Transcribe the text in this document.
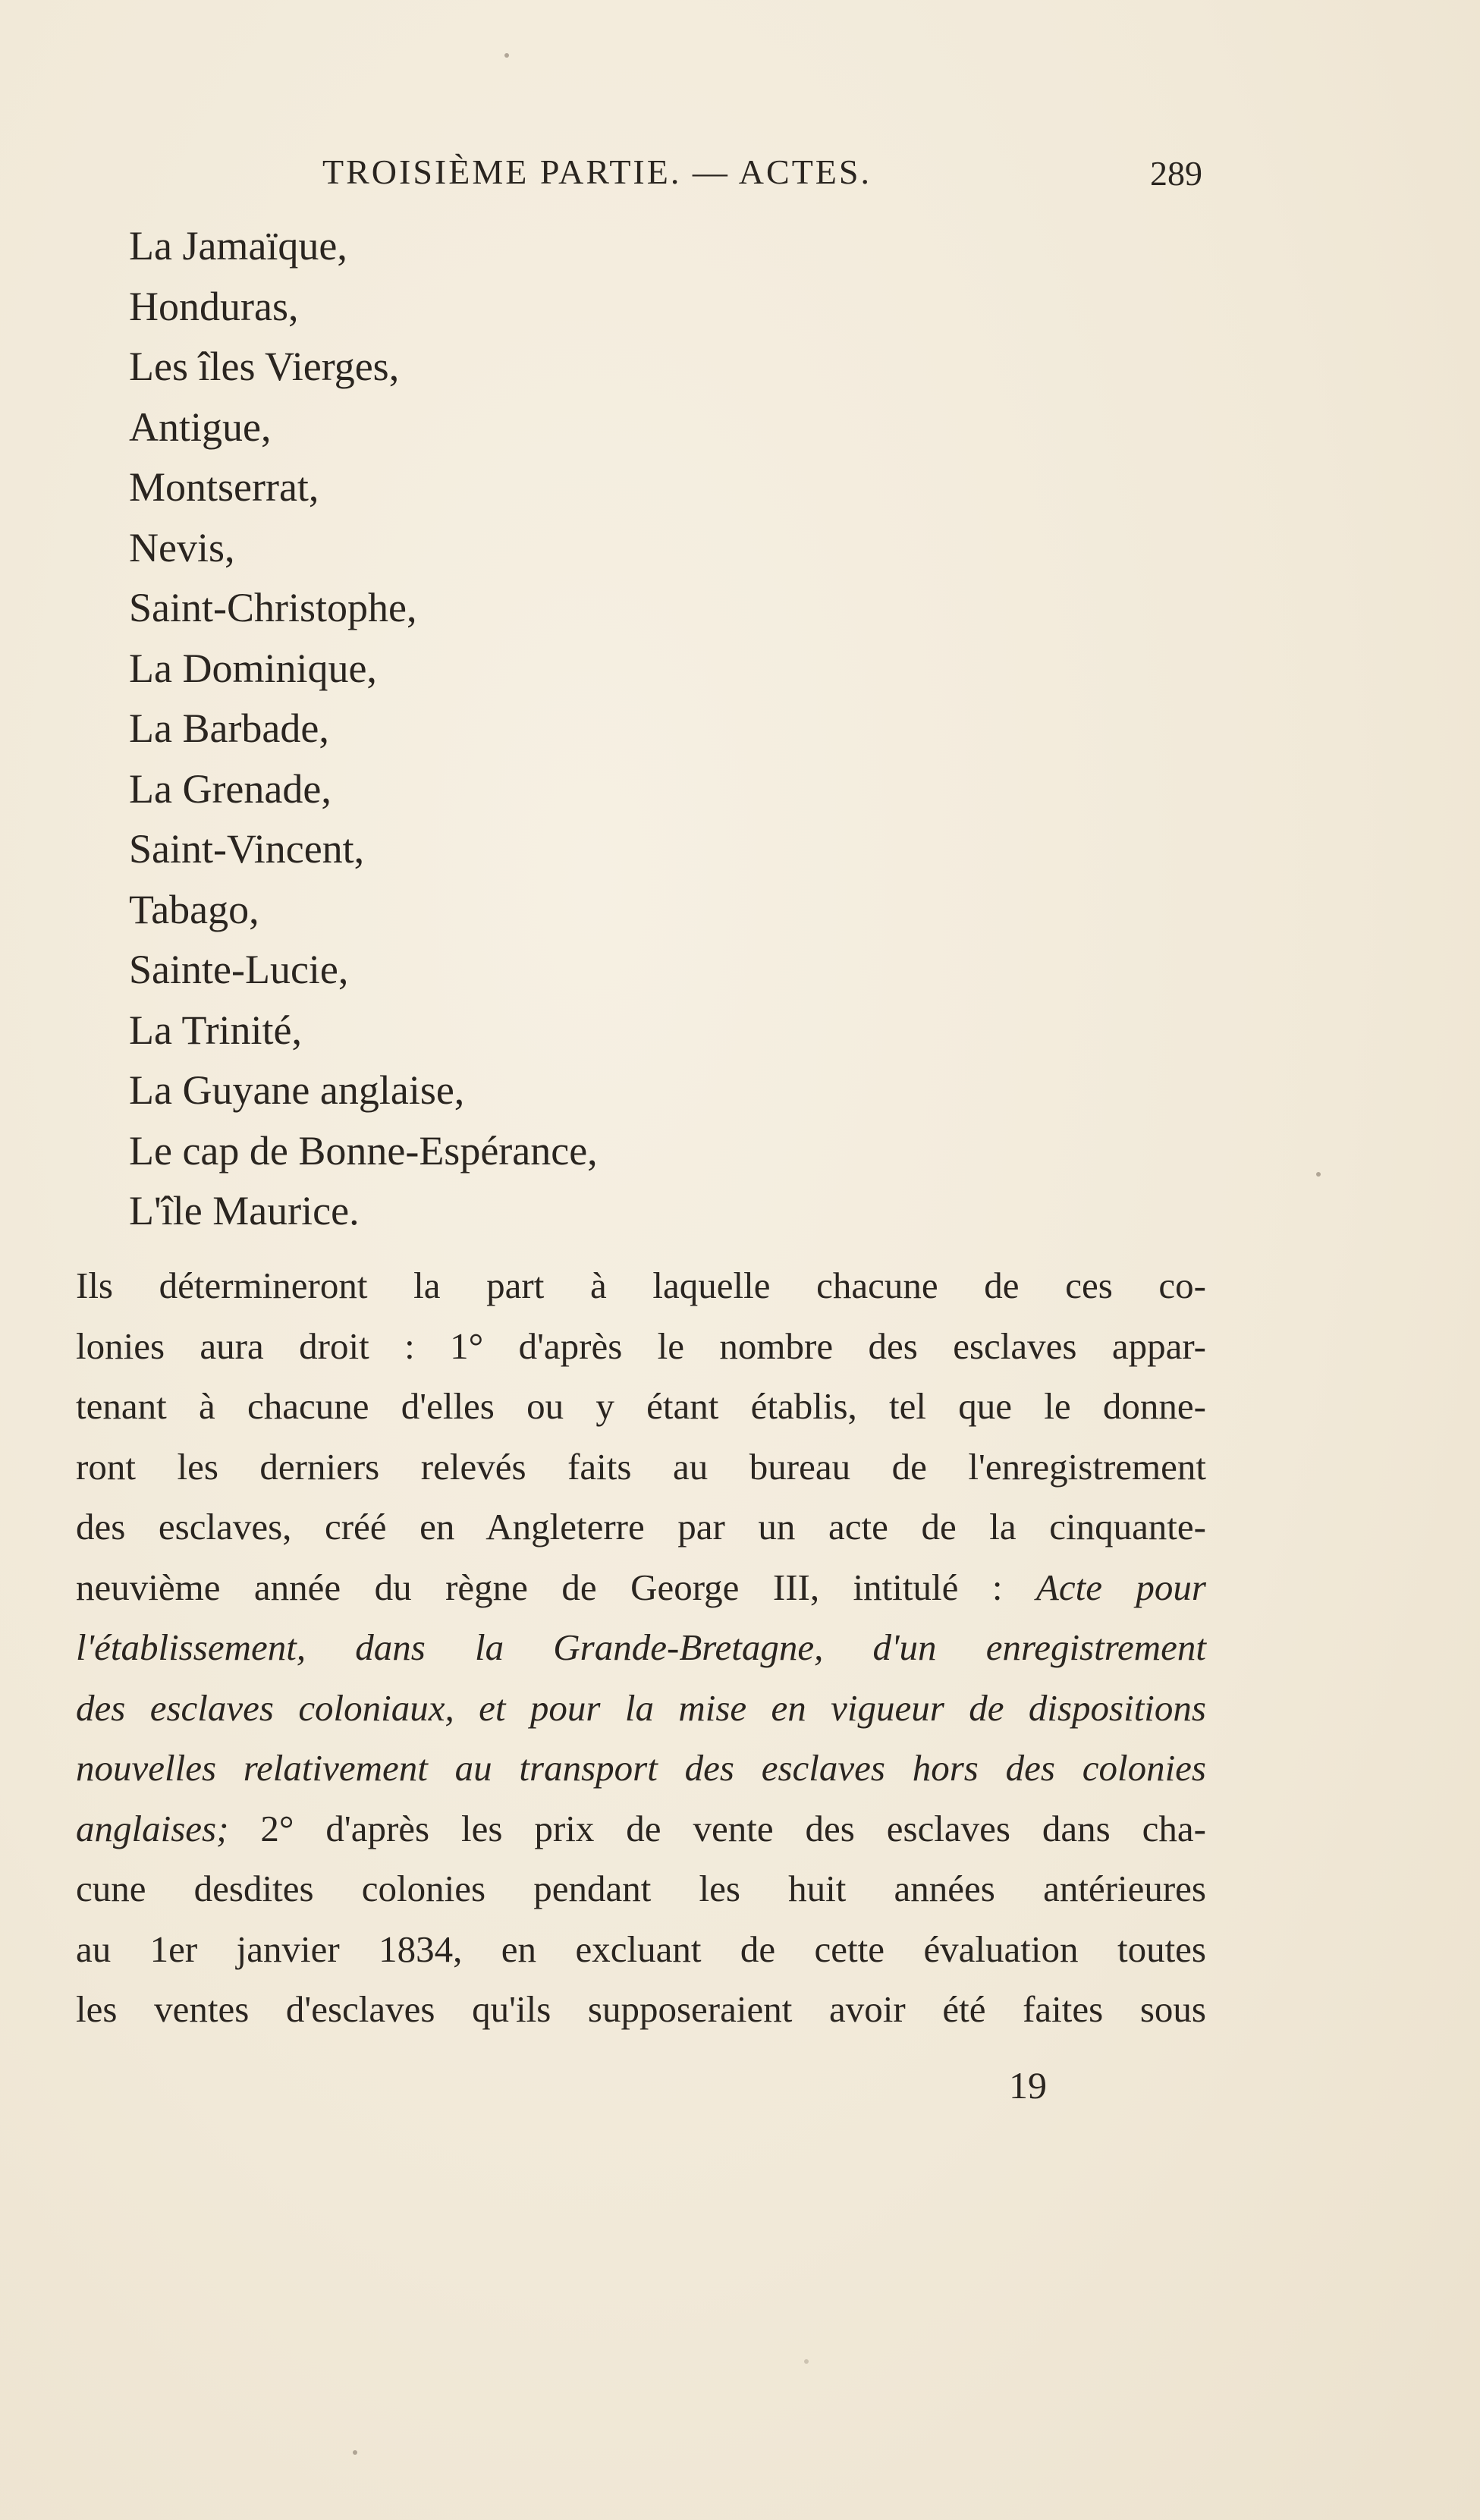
TROISIÈME PARTIE. — ACTES.	289
La Jamaïque,
Honduras,
Les îles Vierges,
Antigue,
Montserrat,
Nevis,
Saint-Christophe,
La Dominique,
La Barbade,
La Grenade,
Saint-Vincent,
Tabago,
Sainte-Lucie,
La Trinité,
La Guyane anglaise,
Le cap de Bonne-Espérance,
L'île Maurice.
Ils détermineront la part à laquelle chacune de ces co-
lonies aura droit : 1° d'après le nombre des esclaves appar-
tenant à chacune d'elles ou y étant établis, tel que le donne-
ront les derniers relevés faits au bureau de l'enregistrement
des esclaves, créé en Angleterre par un acte de la cinquante-
neuvième année du règne de George III, intitulé : Acte pour
l'établissement, dans la Grande-Bretagne, d'un enregistrement
des esclaves coloniaux, et pour la mise en vigueur de dispositions
nouvelles relativement au transport des esclaves hors des colonies
anglaises; 2° d'après les prix de vente des esclaves dans cha-
cune desdites colonies pendant les huit années antérieures
au 1er janvier 1834, en excluant de cette évaluation toutes
les ventes d'esclaves qu'ils supposeraient avoir été faites sous
19
